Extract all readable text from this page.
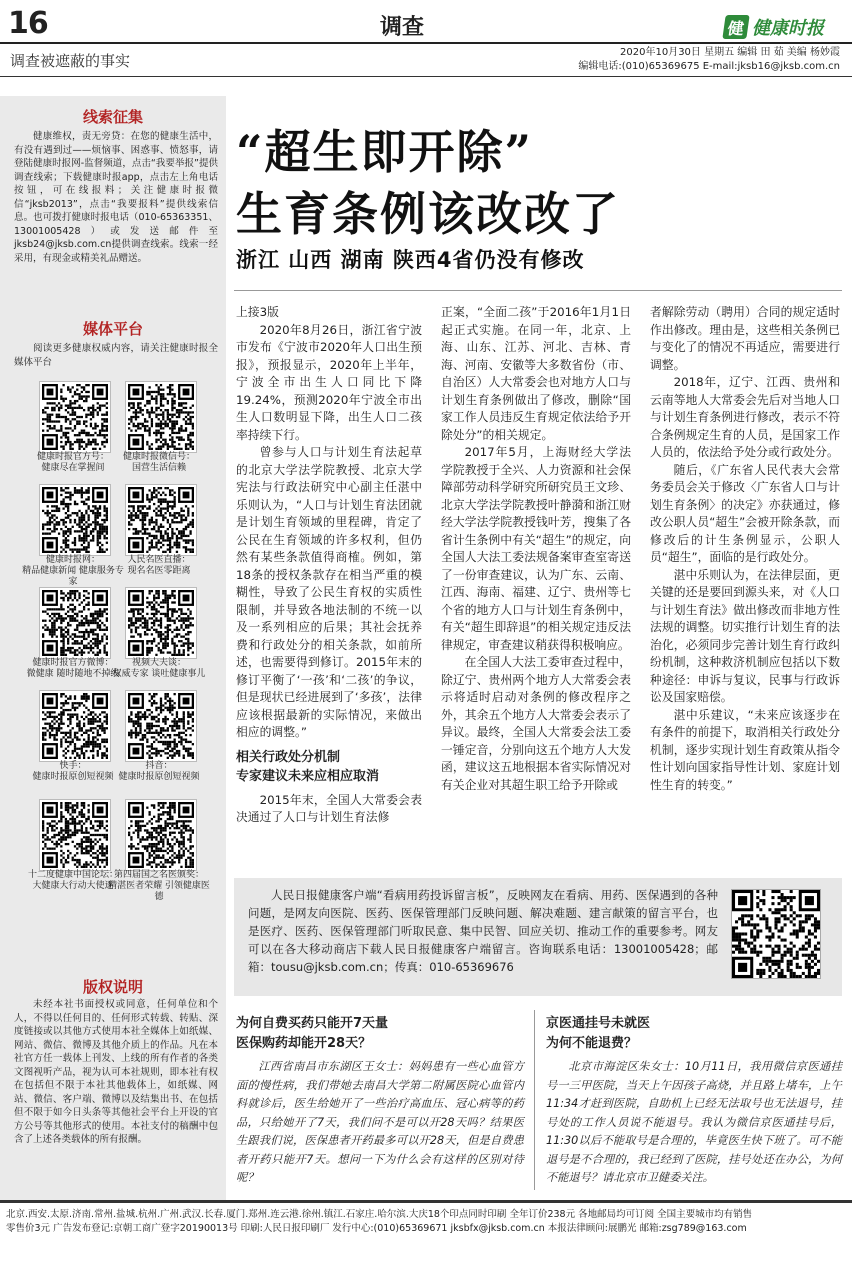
16	调查	健 健康时报
调查被遮蔽的事实	2020年10月30日 星期五 编辑 田 茹 美编 杨妙霞
编辑电话:(010)65369675 E-mail:jksb16@jksb.com.cn
线索征集
健康维权，责无旁贷：在您的健康生活中，有没有遇到过——烦恼事、困惑事、愤怒事，请登陆健康时报网-监督频道，点击“我要举报”提供调查线索；下载健康时报app，点击左上角电话按钮，可在线报料；关注健康时报微信“jksb2013”，点击“我要报料”提供线索信息。也可拨打健康时报电话（010-65363351、13001005428）或发送邮件至jksb24@jksb.com.cn提供调查线索。线索一经采用，有现金或精美礼品赠送。
媒体平台
阅读更多健康权威内容，请关注健康时报全媒体平台
健康时报官方号：
健康尽在掌握间
健康时报微信号：
国营生活信赖
健康时报网：
精品健康新闻 健康服务专家
人民名医直播：
现名名医零距离
健康时报官方微博：
微健康 随时随地不掉线
视频大夫谈：
权威专家 谈吐健康事儿
快手：
健康时报原创短视频
抖音：
健康时报原创短视频
十二度健康中国论坛：
大健康大行动大使逐
第四届国之名医颁奖：
精湛医者荣耀 引领健康医德
版权说明
未经本社书面授权或同意，任何单位和个人，不得以任何目的、任何形式转载、转贴、深度链接或以其他方式使用本社全媒体上如纸媒、网站、微信、微博及其他介质上的作品。凡在本社官方任一载体上刊发、上线的所有作者的各类文图视听产品，视为认可本社规则，即本社有权在包括但不限于本社其他载体上，如纸媒、网站、微信、客户端、微博以及结集出书、在包括但不限于如今日头条等其他社会平台上开设的官方公号等其他形式的使用。本社支付的稿酬中包含了上述各类载体的所有报酬。
“超生即开除”
生育条例该改改了
浙江 山西 湖南 陕西4省仍没有修改

上接3版

2020年8月26日，浙江省宁波市发布《宁波市2020年人口出生预报》，预报显示，2020年上半年，宁波全市出生人口同比下降19.24%，预测2020年宁波全市出生人口数明显下降，出生人口二孩率持续下行。

曾参与人口与计划生育法起草的北京大学法学院教授、北京大学宪法与行政法研究中心副主任湛中乐则认为，“人口与计划生育法团就是计划生育领域的里程碑，肯定了公民在生育领域的许多权利，但仍然有某些条款值得商榷。例如，第18条的授权条款存在相当严重的模糊性，导致了公民生育权的实质性限制，并导致各地法制的不统一以及一系列相应的后果；其社会抚养费和行政处分的相关条款，如前所述，也需要得到修订。2015年末的修订平衡了‘一孩’和‘二孩’的争议，但是现状已经进展到了‘多孩’，法律应该根据最新的实际情况，来做出相应的调整。”

相关行政处分机制

专家建议未来应相应取消

2015年末，全国人大常委会表决通过了人口与计划生育法修

正案，“全面二孩”于2016年1月1日起正式实施。在同一年，北京、上海、山东、江苏、河北、吉林、青海、河南、安徽等大多数省份（市、自治区）人大常委会也对地方人口与计划生育条例做出了修改，删除“国家工作人员违反生育规定依法给予开除处分”的相关规定。

2017年5月，上海财经大学法学院教授于全兴、人力资源和社会保障部劳动科学研究所研究员王文珍、北京大学法学院教授叶静漪和浙江财经大学法学院教授钱叶芳，搜集了各省计生条例中有关“超生”的规定，向全国人大法工委法规备案审查室寄送了一份审查建议，认为广东、云南、江西、海南、福建、辽宁、贵州等七个省的地方人口与计划生育条例中，有关“超生即辞退”的相关规定违反法律规定，审查建议稍获得积极响应。

在全国人大法工委审查过程中，除辽宁、贵州两个地方人大常委会表示将适时启动对条例的修改程序之外，其余五个地方人大常委会表示了异议。最终，全国人大常委会法工委一锤定音，分别向这五个地方人大发函，建议这五地根据本省实际情况对有关企业对其超生职工给予开除或

者解除劳动（聘用）合同的规定适时作出修改。理由是，这些相关条例已与变化了的情况不再适应，需要进行调整。

2018年，辽宁、江西、贵州和云南等地人大常委会先后对当地人口与计划生育条例进行修改，表示不符合条例规定生育的人员，是国家工作人员的，依法给予处分或行政处分。

随后，《广东省人民代表大会常务委员会关于修改〈广东省人口与计划生育条例〉的决定》亦获通过，修改公职人员“超生”会被开除条款，而修改后的计生条例显示，公职人员“超生”，面临的是行政处分。

湛中乐则认为，在法律层面，更关键的还是要回到源头来，对《人口与计划生育法》做出修改而非地方性法规的调整。切实推行计划生育的法治化，必须同步完善计划生育行政纠纷机制，这种救济机制应包括以下数种途径：申诉与复议，民事与行政诉讼及国家赔偿。

湛中乐建议，“未来应该逐步在有条件的前提下，取消相关行政处分机制，逐步实现计划生育政策从指令性计划向国家指导性计划、家庭计划性生育的转变。”

人民日报健康客户端“看病用药投诉留言板”，反映网友在看病、用药、医保遇到的各种问题，是网友向医院、医药、医保管理部门反映问题、解决难题、建言献策的留言平台，也是医疗、医药、医保管理部门听取民意、集中民智、回应关切、推动工作的重要参考。网友可以在各大移动商店下载人民日报健康客户端留言。咨询联系电话：13001005428；邮箱：tousu@jksb.com.cn；传真：010-65369676
为何自费买药只能开7天量
医保购药却能开28天？
江西省南昌市东湖区王女士：妈妈患有一些心血管方面的慢性病，我们带她去南昌大学第二附属医院心血管内科就诊后，医生给她开了一些治疗高血压、冠心病等的药品，只给她开了7天，我们问不是可以开28天吗？结果医生跟我们说，医保患者开药最多可以开28天，但是自费患者开药只能开7天。想问一下为什么会有这样的区别对待呢？
京医通挂号未就医
为何不能退费？
北京市海淀区朱女士：10月11日，我用微信京医通挂号一三甲医院，当天上午因孩子高烧，并且路上堵车，上午11:34才赶到医院，自助机上已经无法取号也无法退号，挂号处的工作人员说不能退号。我认为微信京医通挂号后，11:30以后不能取号是合理的，毕竟医生快下班了。可不能退号是不合理的，我已经到了医院，挂号处还在办公，为何不能退号？请北京市卫健委关注。
北京.西安.太原.济南.常州.盐城.杭州.广州.武汉.长春.厦门.郑州.连云港.徐州.镇江.石家庄.哈尔滨.大庆18个印点同时印刷 全年订价238元 各地邮局均可订阅 全国主要城市均有销售
零售价3元 广告发布登记:京朝工商广登字20190013号 印刷:人民日报印刷厂 发行中心:(010)65369671 jksbfx@jksb.com.cn 本报法律顾问:展鹏光 邮箱:zsg789@163.com
